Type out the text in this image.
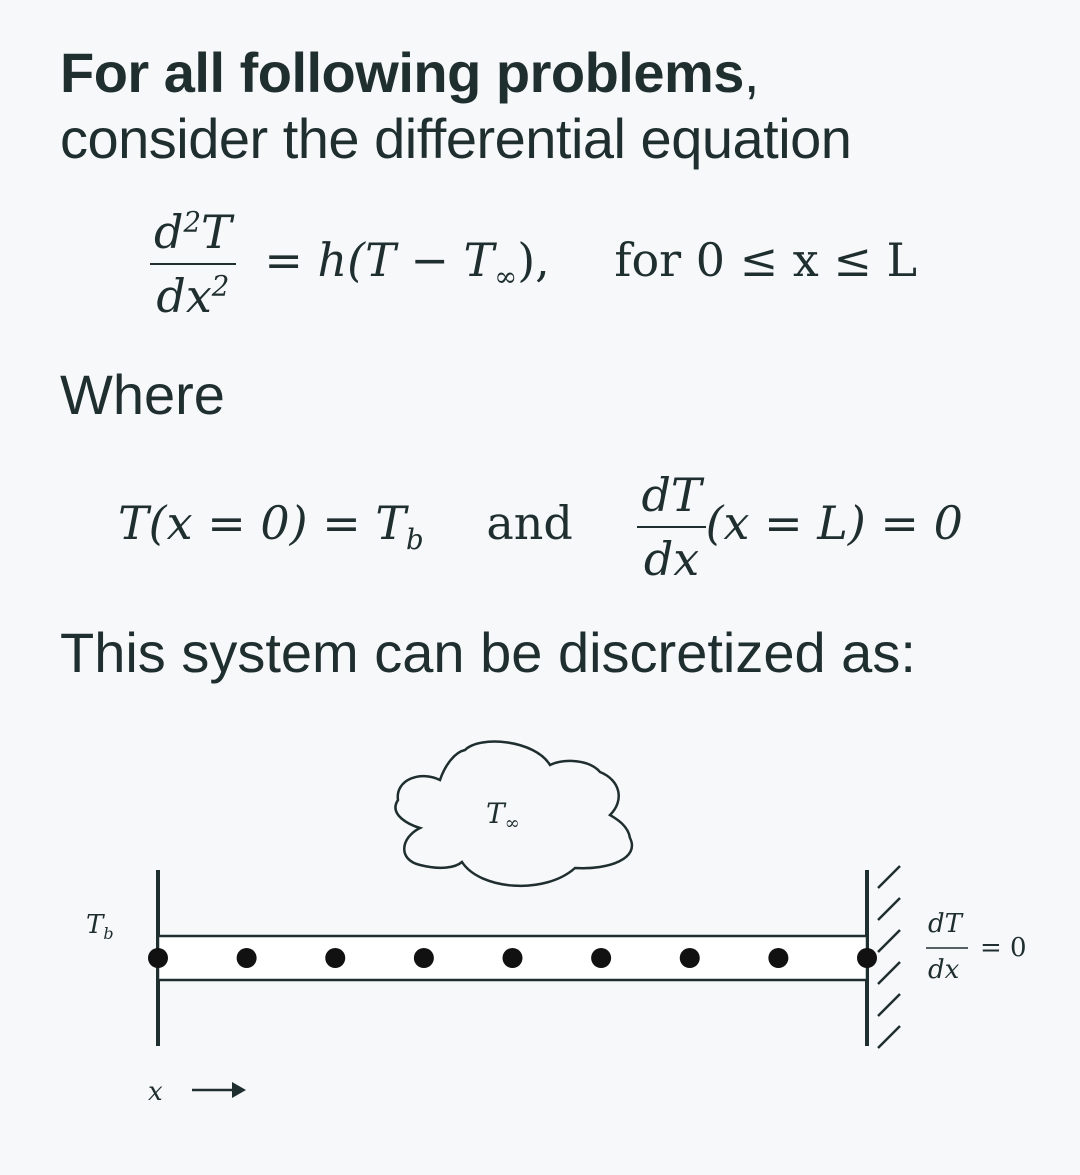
For all following problems,
consider the differential equation
$\frac{d^2T}{dx^2} = h(T - T_\infty)$, for 0 ≤ x ≤ L
Where
$T(x = 0) = T_b$ and $\frac{dT}{dx} (x = L) = 0$
This system can be discretized as:
$T_\infty$
$T_b$	dT
dx
= 0
x
